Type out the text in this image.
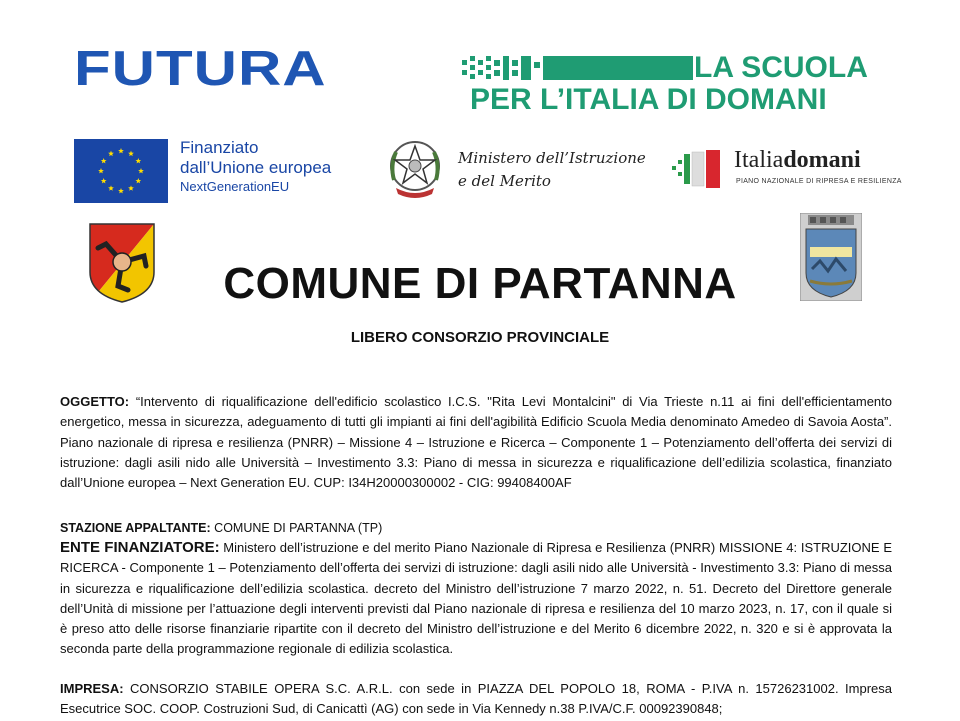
FUTURA	LA SCUOLA
PER L’ITALIA DI DOMANI
Finanziato
dall’Unione europea
NextGenerationEU
Ministero dell’Istruzione
e del Merito
Italiadomani
PIANO NAZIONALE DI RIPRESA E RESILIENZA
COMUNE DI PARTANNA
LIBERO CONSORZIO PROVINCIALE
OGGETTO: “Intervento di riqualificazione dell'edificio scolastico I.C.S. "Rita Levi Montalcini" di Via Trieste n.11 ai fini dell'efficientamento energetico, messa in sicurezza, adeguamento di tutti gli impianti ai fini dell'agibilità Edificio Scuola Media denominato Amedeo di Savoia Aosta”. Piano nazionale di ripresa e resilienza (PNRR) – Missione 4 – Istruzione e Ricerca – Componente 1 – Potenziamento dell’offerta dei servizi di istruzione: dagli asili nido alle Università – Investimento 3.3: Piano di messa in sicurezza e riqualificazione dell’edilizia scolastica, finanziato dall’Unione europea – Next Generation EU. CUP: I34H20000300002 - CIG: 99408400AF
STAZIONE APPALTANTE: COMUNE DI PARTANNA (TP)
ENTE FINANZIATORE: Ministero dell’istruzione e del merito Piano Nazionale di Ripresa e Resilienza (PNRR) MISSIONE 4: ISTRUZIONE E RICERCA - Componente 1 – Potenziamento dell’offerta dei servizi di istruzione: dagli asili nido alle Università - Investimento 3.3: Piano di messa in sicurezza e riqualificazione dell’edilizia scolastica. decreto del Ministro dell’istruzione 7 marzo 2022, n. 51. Decreto del Direttore generale dell’Unità di missione per l’attuazione degli interventi previsti dal Piano nazionale di ripresa e resilienza del 10 marzo 2023, n. 17, con il quale si è preso atto delle risorse finanziarie ripartite con il decreto del Ministro dell’istruzione e del Merito 6 dicembre 2022, n. 320 e si è approvata la seconda parte della programmazione regionale di edilizia scolastica.
IMPRESA: CONSORZIO STABILE OPERA S.C. A.R.L. con sede in PIAZZA DEL POPOLO 18, ROMA - P.IVA n. 15726231002. Impresa Esecutrice SOC. COOP. Costruzioni Sud, di Canicattì (AG) con sede in Via Kennedy n.38 P.IVA/C.F. 00092390848;
